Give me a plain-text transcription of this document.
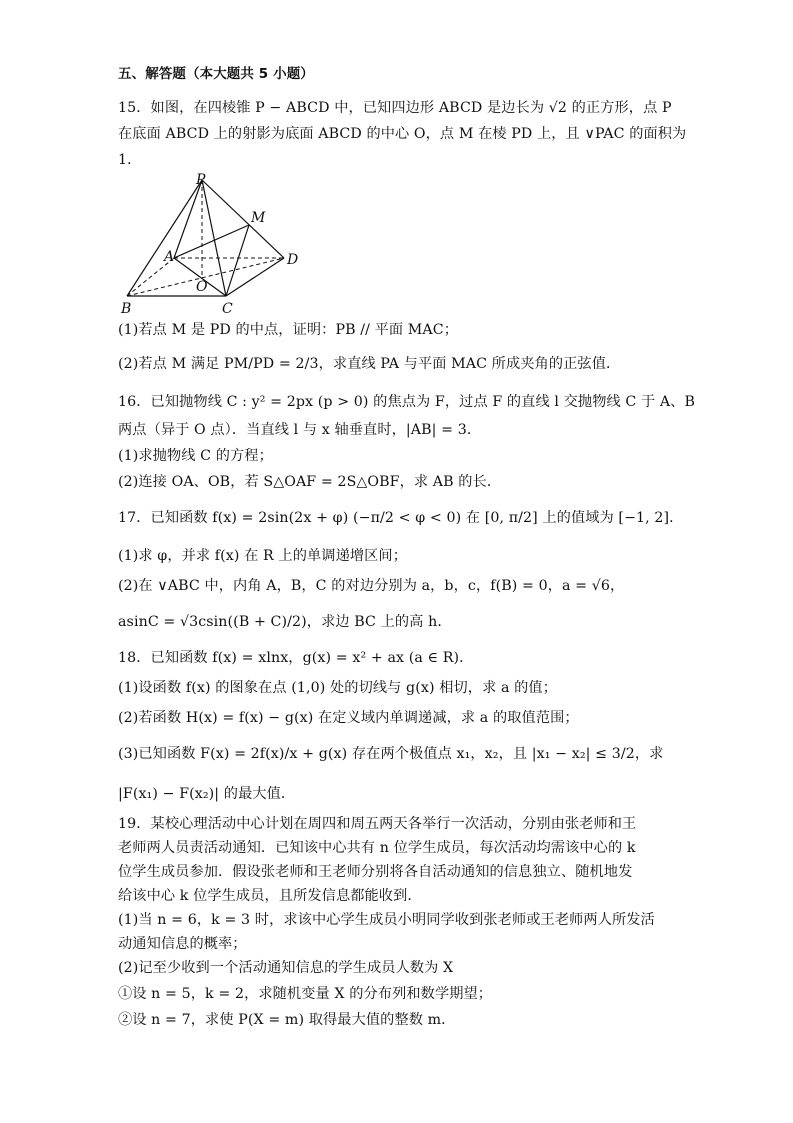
五、解答题（本大题共 5 小题）
15．如图，在四棱锥 P − ABCD 中，已知四边形 ABCD 是边长为 √2 的正方形，点 P
在底面 ABCD 上的射影为底面 ABCD 的中心 O，点 M 在棱 PD 上，且 ∨PAC 的面积为
1．
P
M
A	D
O
B	C
(1)若点 M 是 PD 的中点，证明：PB // 平面 MAC；
(2)若点 M 满足 PM/PD = 2/3，求直线 PA 与平面 MAC 所成夹角的正弦值．
16．已知抛物线 C : y² = 2px (p > 0) 的焦点为 F，过点 F 的直线 l 交抛物线 C 于 A、B
两点（异于 O 点）．当直线 l 与 x 轴垂直时，|AB| = 3．
(1)求抛物线 C 的方程；
(2)连接 OA、OB，若 S△OAF = 2S△OBF，求 AB 的长．
17．已知函数 f(x) = 2sin(2x + φ) (−π/2 < φ < 0) 在 [0, π/2] 上的值域为 [−1, 2]．
(1)求 φ，并求 f(x) 在 R 上的单调递增区间；
(2)在 ∨ABC 中，内角 A，B，C 的对边分别为 a，b，c，f(B) = 0，a = √6，
asinC = √3csin((B + C)/2)，求边 BC 上的高 h．
18．已知函数 f(x) = xlnx，g(x) = x² + ax (a ∈ R)．
(1)设函数 f(x) 的图象在点 (1,0) 处的切线与 g(x) 相切，求 a 的值；
(2)若函数 H(x) = f(x) − g(x) 在定义域内单调递减，求 a 的取值范围；
(3)已知函数 F(x) = 2f(x)/x + g(x) 存在两个极值点 x₁，x₂，且 |x₁ − x₂| ≤ 3/2，求
|F(x₁) − F(x₂)| 的最大值．
19．某校心理活动中心计划在周四和周五两天各举行一次活动，分别由张老师和王
老师两人员责活动通知．已知该中心共有 n 位学生成员，每次活动均需该中心的 k
位学生成员参加．假设张老师和王老师分别将各自活动通知的信息独立、随机地发
给该中心 k 位学生成员，且所发信息都能收到．
(1)当 n = 6，k = 3 时，求该中心学生成员小明同学收到张老师或王老师两人所发活
动通知信息的概率；
(2)记至少收到一个活动通知信息的学生成员人数为 X
①设 n = 5，k = 2，求随机变量 X 的分布列和数学期望；
②设 n = 7，求使 P(X = m) 取得最大值的整数 m．
